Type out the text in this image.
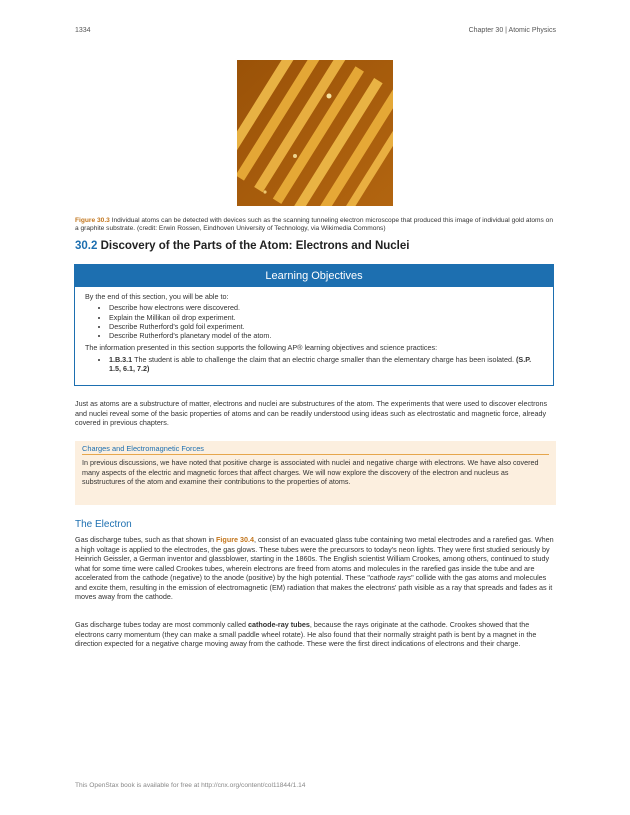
1334	Chapter 30 | Atomic Physics

Figure 30.3 Individual atoms can be detected with devices such as the scanning tunneling electron microscope that produced this image of individual gold atoms on a graphite substrate. (credit: Erwin Rossen, Eindhoven University of Technology, via Wikimedia Commons)

30.2 Discovery of the Parts of the Atom: Electrons and Nuclei
Learning Objectives

By the end of this section, you will be able to:

• Describe how electrons were discovered.
• Explain the Millikan oil drop experiment.
• Describe Rutherford's gold foil experiment.
• Describe Rutherford's planetary model of the atom.

The information presented in this section supports the following AP® learning objectives and science practices:

• 1.B.3.1 The student is able to challenge the claim that an electric charge smaller than the elementary charge has been isolated. (S.P. 1.5, 6.1, 7.2)

Just as atoms are a substructure of matter, electrons and nuclei are substructures of the atom. The experiments that were used to discover electrons and nuclei reveal some of the basic properties of atoms and can be readily understood using ideas such as electrostatic and magnetic force, already covered in previous chapters.

Charges and Electromagnetic Forces
In previous discussions, we have noted that positive charge is associated with nuclei and negative charge with electrons. We have also covered many aspects of the electric and magnetic forces that affect charges. We will now explore the discovery of the electron and nucleus as substructures of the atom and examine their contributions to the properties of atoms.
The Electron

Gas discharge tubes, such as that shown in Figure 30.4, consist of an evacuated glass tube containing two metal electrodes and a rarefied gas. When a high voltage is applied to the electrodes, the gas glows. These tubes were the precursors to today's neon lights. They were first studied seriously by Heinrich Geissler, a German inventor and glassblower, starting in the 1860s. The English scientist William Crookes, among others, continued to study what for some time were called Crookes tubes, wherein electrons are freed from atoms and molecules in the rarefied gas inside the tube and are accelerated from the cathode (negative) to the anode (positive) by the high potential. These "cathode rays" collide with the gas atoms and molecules and excite them, resulting in the emission of electromagnetic (EM) radiation that makes the electrons' path visible as a ray that spreads and fades as it moves away from the cathode.

Gas discharge tubes today are most commonly called cathode-ray tubes, because the rays originate at the cathode. Crookes showed that the electrons carry momentum (they can make a small paddle wheel rotate). He also found that their normally straight path is bent by a magnet in the direction expected for a negative charge moving away from the cathode. These were the first direct indications of electrons and their charge.

This OpenStax book is available for free at http://cnx.org/content/col11844/1.14
